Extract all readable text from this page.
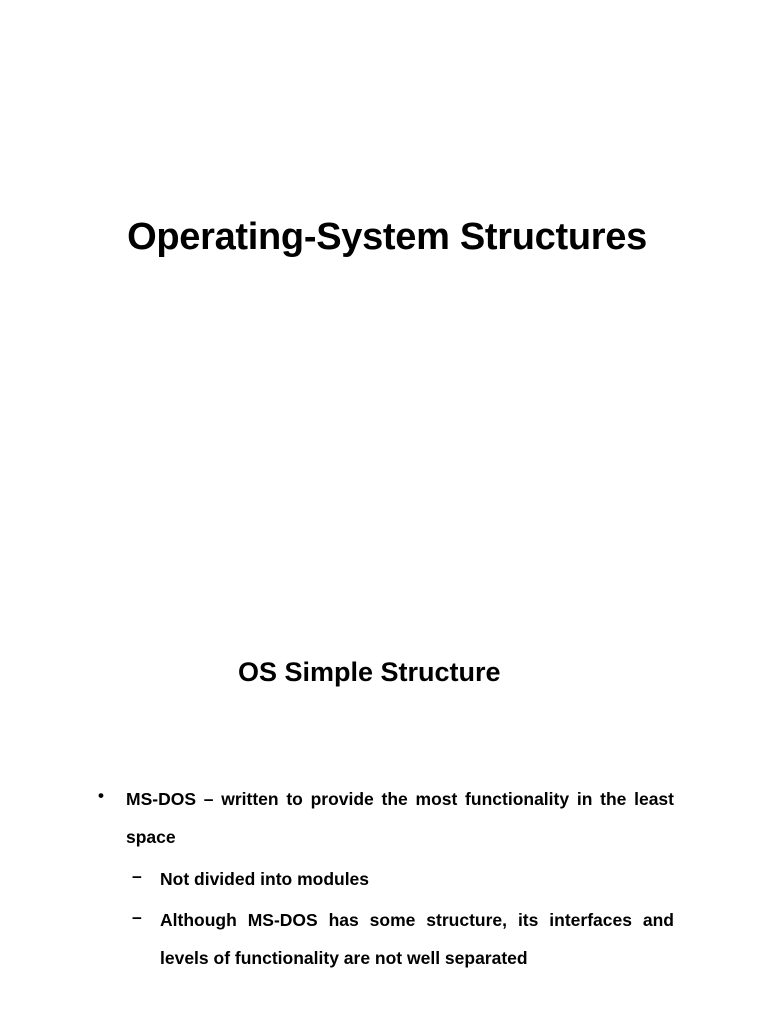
Operating-System Structures
OS Simple Structure
• MS-DOS – written to provide the most functionality in the least space
– Not divided into modules
– Although MS-DOS has some structure, its interfaces and levels of functionality are not well separated
